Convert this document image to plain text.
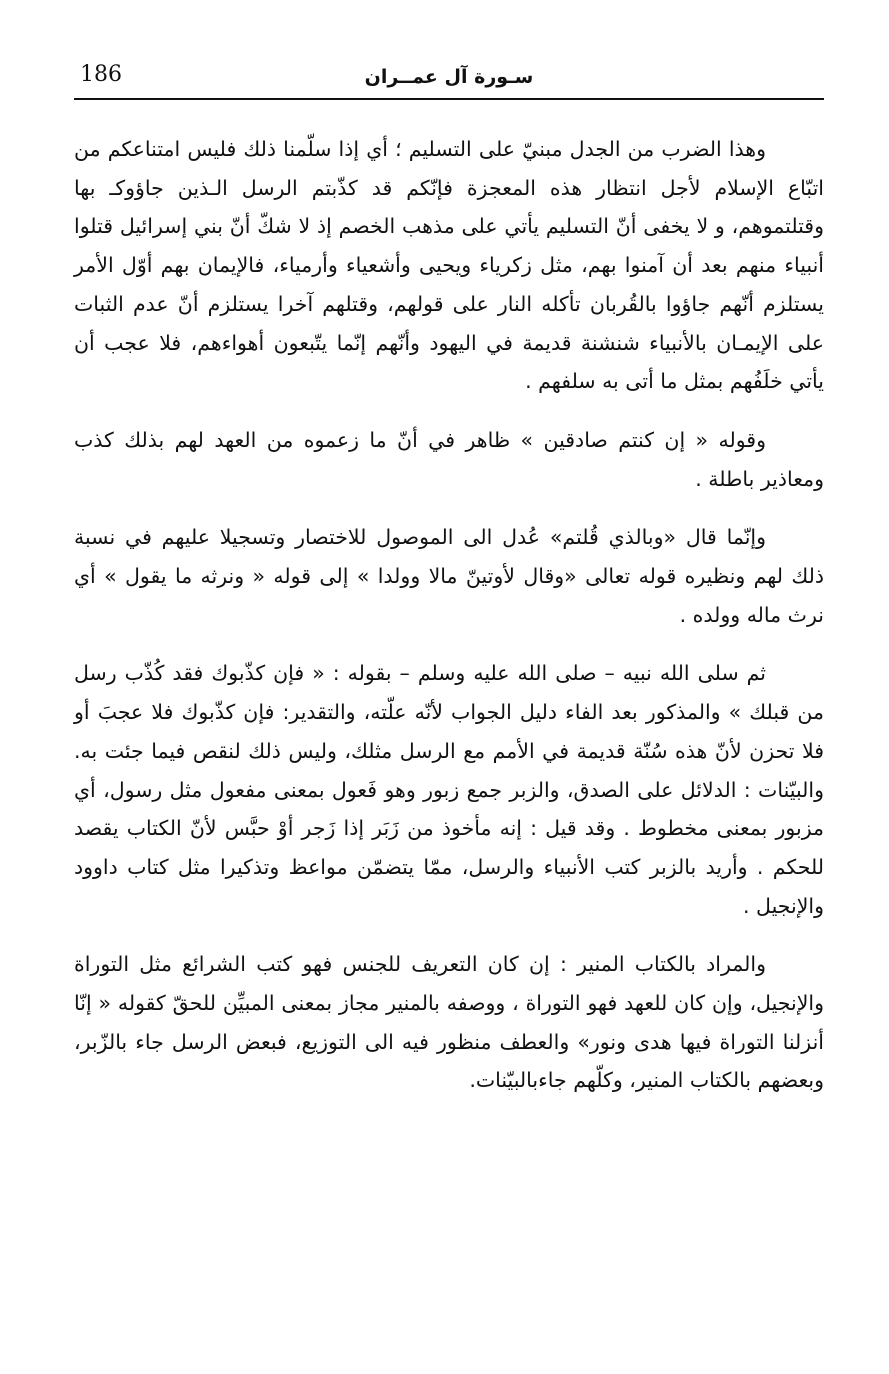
186	سـورة آل عمــران

وهذا الضرب من الجدل مبنيّ على التسليم ؛ أي إذا سلّمنا ذلك فليس امتناعكم من اتبّاع الإسلام لأجل انتظار هذه المعجزة فإنّكم قد كذّبتم الرسل الـذين جاؤوكـ بها وقتلتموهم، و لا يخفى أنّ التسليم يأتي على مذهب الخصم إذ لا شكّ أنّ بني إسرائيل قتلوا أنبياء منهم بعد أن آمنوا بهم، مثل زكرياء ويحيى وأشعياء وأرمياء، فالإيمان بهم أوّل الأمر يستلزم أنّهم جاؤوا بالقُربان تأكله النار على قولهم، وقتلهم آخرا يستلزم أنّ عدم الثبات على الإيمـان بالأنبياء شنشنة قديمة في اليهود وأنّهم إنّما يتّبعون أهواءهم، فلا عجب أن يأتي خلَفُهم بمثل ما أتى به سلفهم .

وقوله « إن كنتم صادقين » ظاهر في أنّ ما زعموه من العهد لهم بذلك كذب ومعاذير باطلة .

وإنّما قال «وبالذي قُلتم» عُدل الى الموصول للاختصار وتسجيلا عليهم في نسبة ذلك لهم ونظيره قوله تعالى «وقال لأوتينّ مالا وولدا » إلى قوله « ونرثه ما يقول » أي نرث ماله وولده .

ثم سلى الله نبيه – صلى الله عليه وسلم – بقوله : « فإن كذّبوك فقد كُذّب رسل من قبلك » والمذكور بعد الفاء دليل الجواب لأنّه علّته، والتقدير: فإن كذّبوك فلا عجبَ أو فلا تحزن لأنّ هذه سُنّة قديمة في الأمم مع الرسل مثلك، وليس ذلك لنقص فيما جئت به. والبيّنات : الدلائل على الصدق، والزبر جمع زبور وهو فَعول بمعنى مفعول مثل رسول، أي مزبور بمعنى مخطوط . وقد قيل : إنه مأخوذ من زَبَر إذا زَجر أوْ حبَّس لأنّ الكتاب يقصد للحكم . وأريد بالزبر كتب الأنبياء والرسل، ممّا يتضمّن مواعظ وتذكيرا مثل كتاب داوود والإنجيل .

والمراد بالكتاب المنير : إن كان التعريف للجنس فهو كتب الشرائع مثل التوراة والإنجيل، وإن كان للعهد فهو التوراة ، ووصفه بالمنير مجاز بمعنى المبيِّن للحقّ كقوله « إنّا أنزلنا التوراة فيها هدى ونور» والعطف منظور فيه الى التوزيع، فبعض الرسل جاء بالزّبر، وبعضهم بالكتاب المنير، وكلّهم جاءبالبيّنات.
